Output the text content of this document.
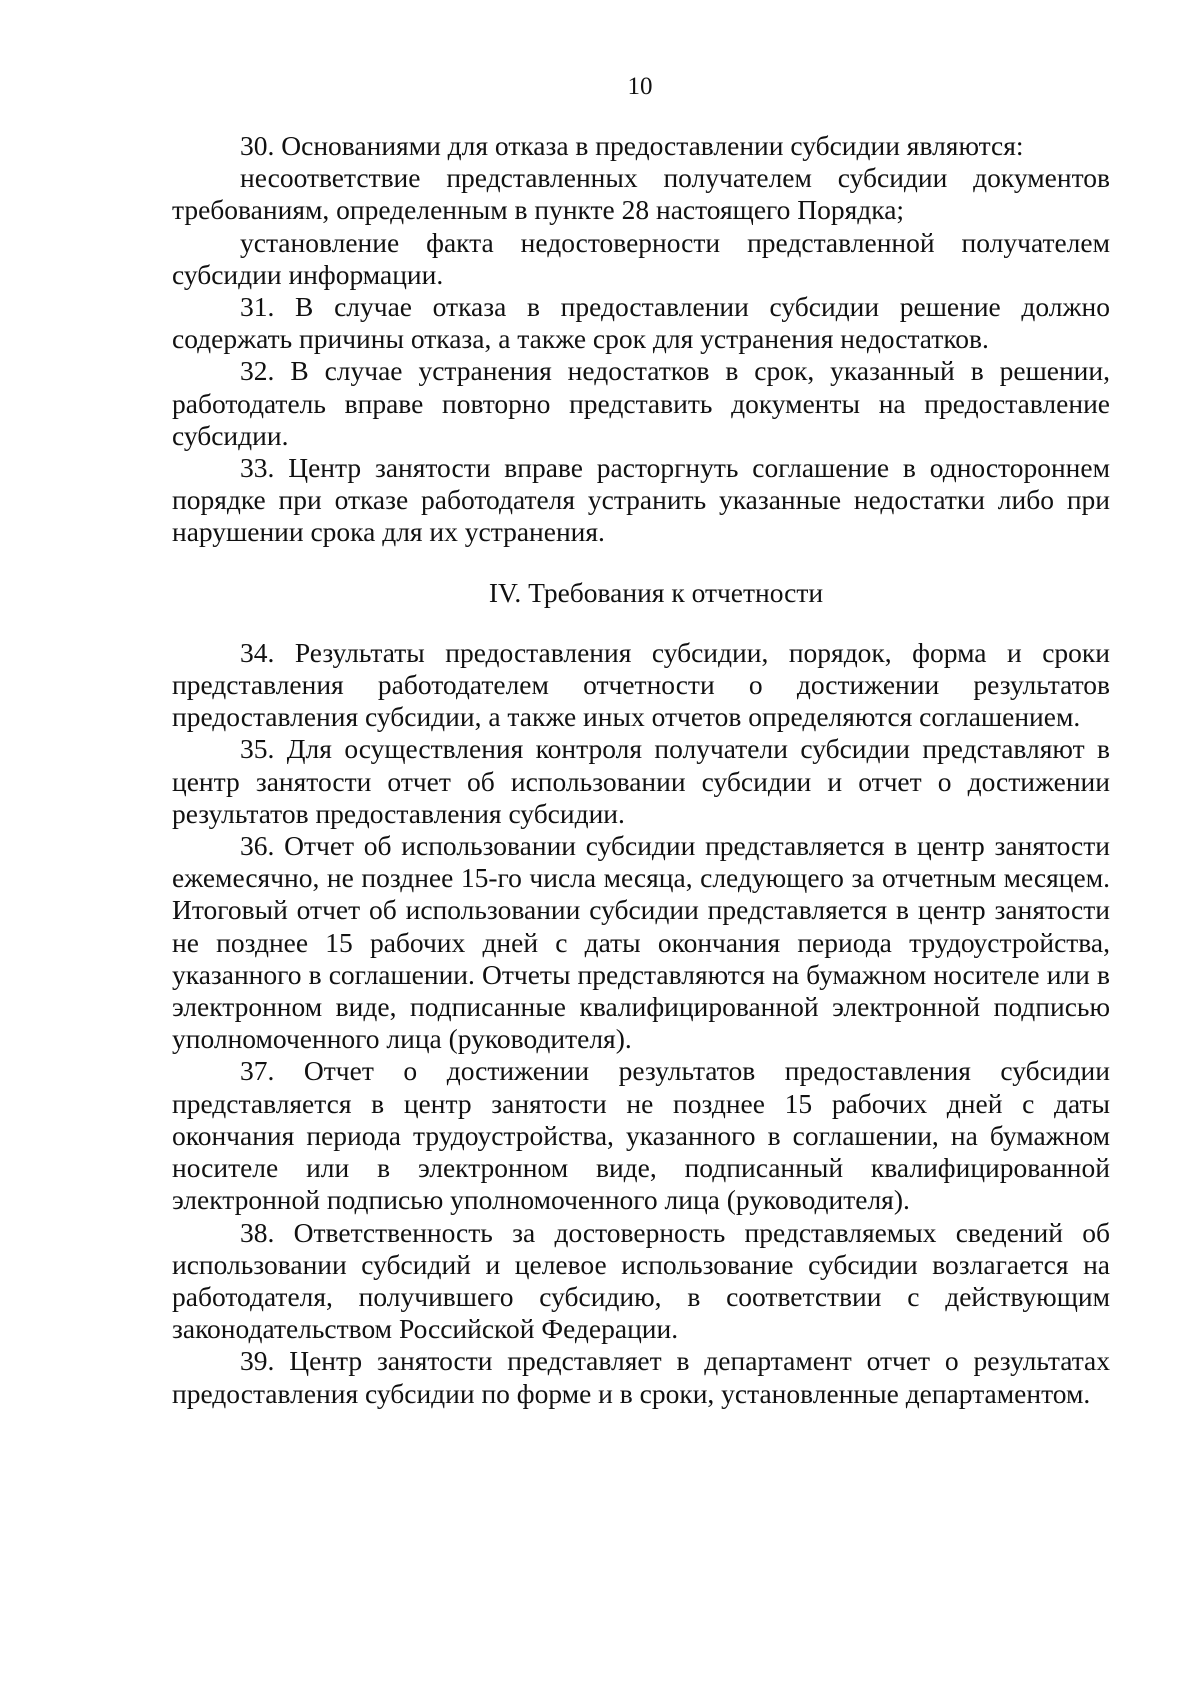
10

30. Основаниями для отказа в предоставлении субсидии являются:

несоответствие представленных получателем субсидии документов требованиям, определенным в пункте 28 настоящего Порядка;

установление факта недостоверности представленной получателем субсидии информации.

31. В случае отказа в предоставлении субсидии решение должно содержать причины отказа, а также срок для устранения недостатков.

32. В случае устранения недостатков в срок, указанный в решении, работодатель вправе повторно представить документы на предоставление субсидии.

33. Центр занятости вправе расторгнуть соглашение в одностороннем порядке при отказе работодателя устранить указанные недостатки либо при нарушении срока для их устранения.

IV. Требования к отчетности

34. Результаты предоставления субсидии, порядок, форма и сроки представления работодателем отчетности о достижении результатов предоставления субсидии, а также иных отчетов определяются соглашением.

35. Для осуществления контроля получатели субсидии представляют в центр занятости отчет об использовании субсидии и отчет о достижении результатов предоставления субсидии.

36. Отчет об использовании субсидии представляется в центр занятости ежемесячно, не позднее 15-го числа месяца, следующего за отчетным месяцем. Итоговый отчет об использовании субсидии представляется в центр занятости не позднее 15 рабочих дней с даты окончания периода трудоустройства, указанного в соглашении. Отчеты представляются на бумажном носителе или в электронном виде, подписанные квалифицированной электронной подписью уполномоченного лица (руководителя).

37. Отчет о достижении результатов предоставления субсидии представляется в центр занятости не позднее 15 рабочих дней с даты окончания периода трудоустройства, указанного в соглашении, на бумажном носителе или в электронном виде, подписанный квалифицированной электронной подписью уполномоченного лица (руководителя).

38. Ответственность за достоверность представляемых сведений об использовании субсидий и целевое использование субсидии возлагается на работодателя, получившего субсидию, в соответствии с действующим законодательством Российской Федерации.

39. Центр занятости представляет в департамент отчет о результатах предоставления субсидии по форме и в сроки, установленные департаментом.
